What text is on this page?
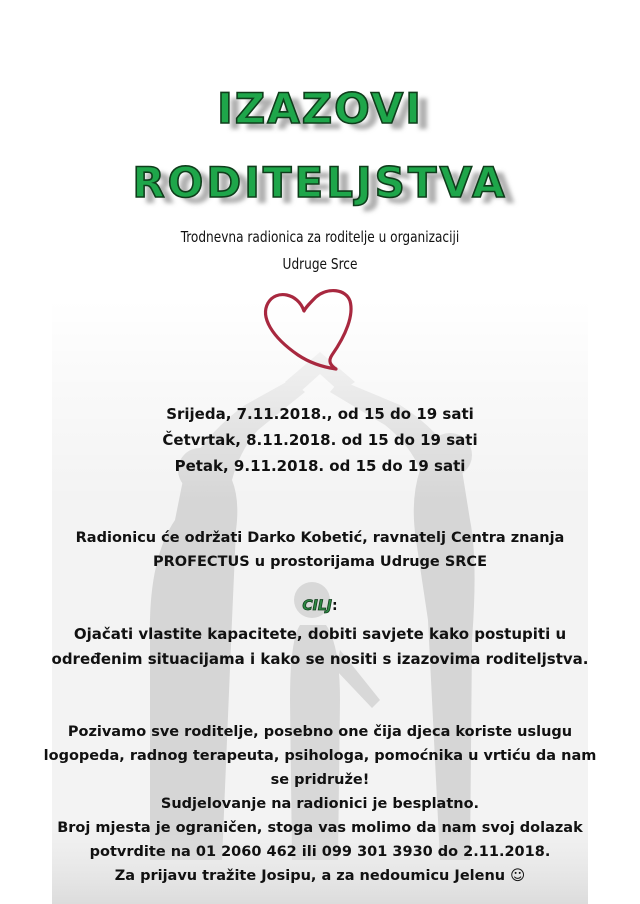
IZAZOVI
RODITELJSTVA
Trodnevna radionica za roditelje u organizaciji
Udruge Srce
Srijeda, 7.11.2018., od 15 do 19 sati
Četvrtak, 8.11.2018. od 15 do 19 sati
Petak, 9.11.2018. od 15 do 19 sati
Radionicu će održati Darko Kobetić, ravnatelj Centra znanja
PROFECTUS u prostorijama Udruge SRCE
CILJ:
Ojačati vlastite kapacitete, dobiti savjete kako postupiti u
određenim situacijama i kako se nositi s izazovima roditeljstva.
Pozivamo sve roditelje, posebno one čija djeca koriste uslugu
logopeda, radnog terapeuta, psihologa, pomoćnika u vrtiću da nam
se pridruže!
Sudjelovanje na radionici je besplatno.
Broj mjesta je ograničen, stoga vas molimo da nam svoj dolazak
potvrdite na 01 2060 462 ili 099 301 3930 do 2.11.2018.
Za prijavu tražite Josipu, a za nedoumicu Jelenu ☺
